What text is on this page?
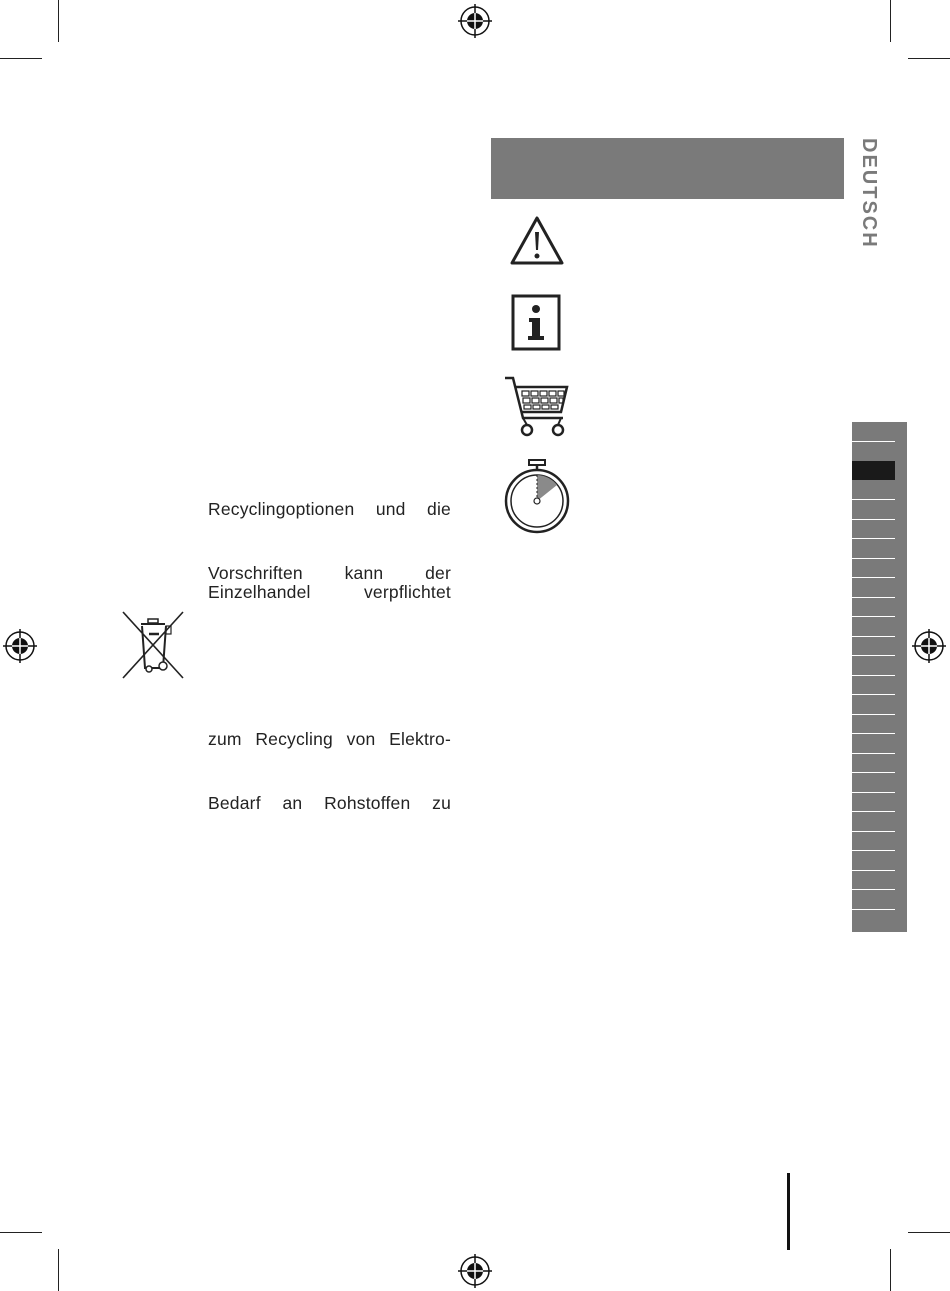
Recyclingoptionen und die
Vorschriften kann der
Einzelhandel verpflichtet
zum Recycling von Elektro-
Bedarf an Rohstoffen zu
DEUTSCH
